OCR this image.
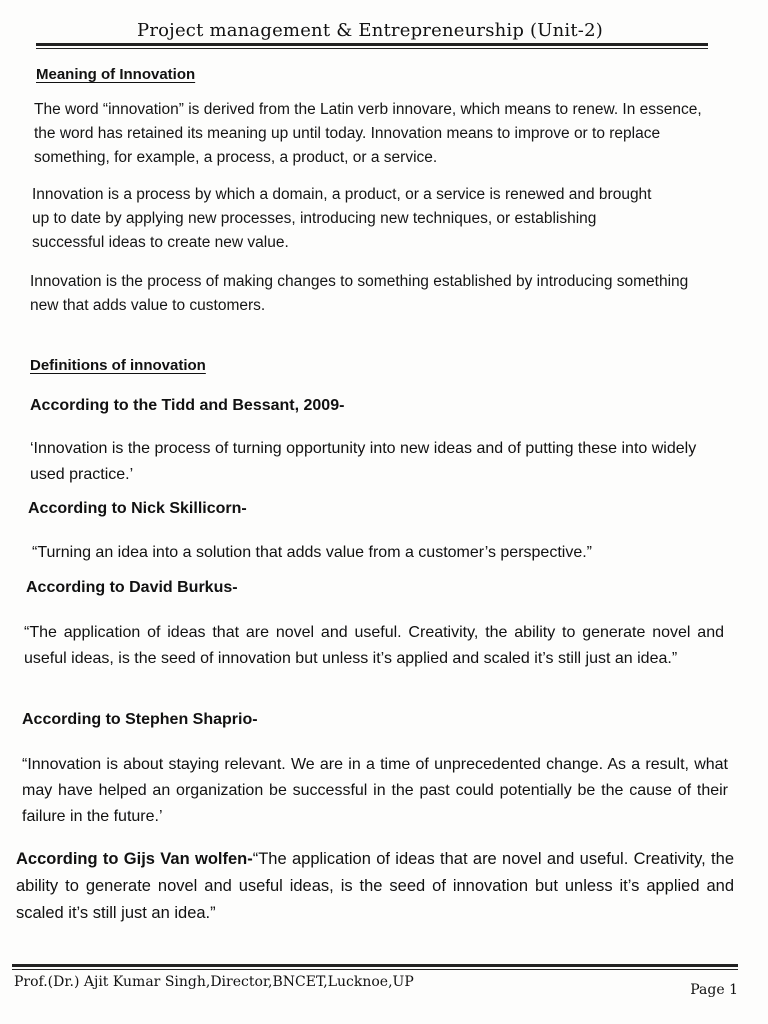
Project management & Entrepreneurship (Unit-2)
Meaning of Innovation
The word “innovation” is derived from the Latin verb innovare, which means to renew. In essence, the word has retained its meaning up until today. Innovation means to improve or to replace something, for example, a process, a product, or a service.
Innovation is a process by which a domain, a product, or a service is renewed and brought up to date by applying new processes, introducing new techniques, or establishing successful ideas to create new value.
Innovation is the process of making changes to something established by introducing something new that adds value to customers.
Definitions of innovation
According to the Tidd and Bessant, 2009-
‘Innovation is the process of turning opportunity into new ideas and of putting these into widely used practice.’
According to Nick Skillicorn-
“Turning an idea into a solution that adds value from a customer’s perspective.”
According to David Burkus-
“The application of ideas that are novel and useful. Creativity, the ability to generate novel and useful ideas, is the seed of innovation but unless it’s applied and scaled it’s still just an idea.”
According to Stephen Shaprio-
“Innovation is about staying relevant. We are in a time of unprecedented change. As a result, what may have helped an organization be successful in the past could potentially be the cause of their failure in the future.’
According to Gijs Van wolfen-“The application of ideas that are novel and useful. Creativity, the ability to generate novel and useful ideas, is the seed of innovation but unless it’s applied and scaled it’s still just an idea.”
Prof.(Dr.) Ajit Kumar Singh,Director,BNCET,Lucknoe,UP	Page 1
